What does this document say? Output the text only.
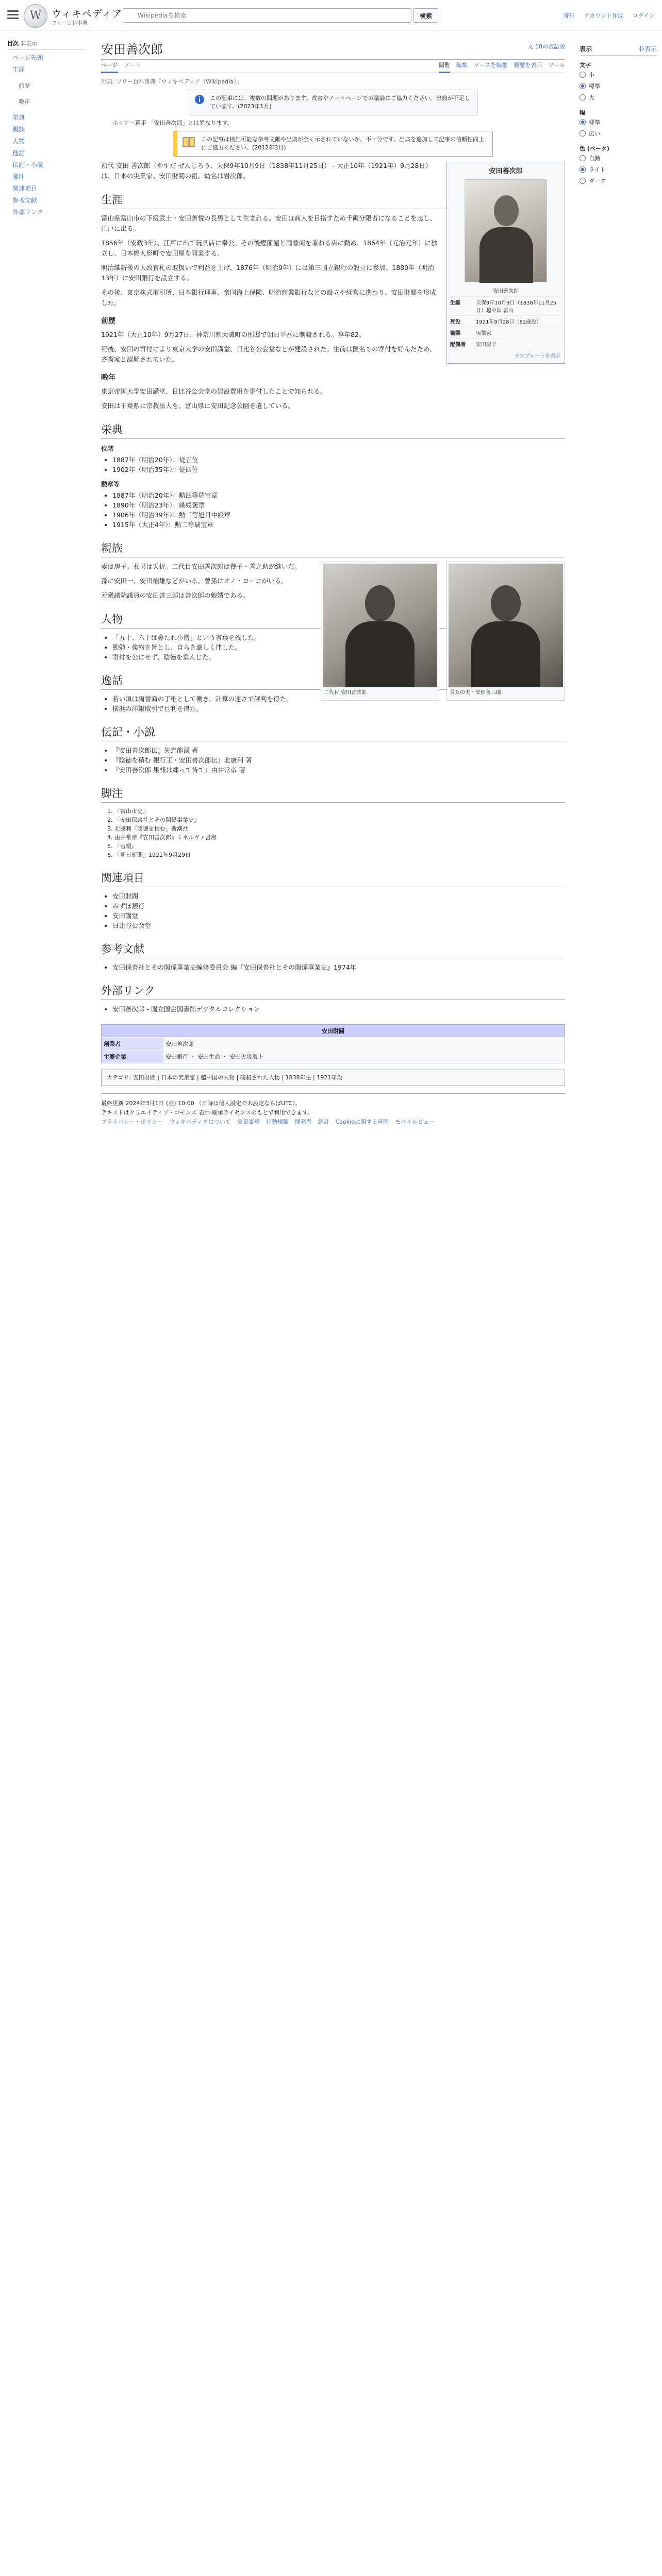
W	ウィキペディア
フリー百科事典
Wikipediaを検索
検索	寄付 アカウント作成 ログイン
目次 非表示
ページ先頭
生涯
前歴
晩年
栄典
親族
人物
逸話
伝記・小説
脚注
関連項目
参考文献
外部リンク
表示	非表示
文字
小
標準
大
幅
標準
広い
色 (ベータ)
自動
ライト
ダーク
安田善次郎	文 10の言語版
ページ ノート	閲覧 編集 ソースを編集 履歴を表示 ツール
出典: フリー百科事典『ウィキペディア（Wikipedia）』
この記事には、複数の問題があります。改善やノートページでの議論にご協力ください。出典が不足しています。(2023年1月)
ホッケー選手 「安田善次郎」とは異なります。
この記事は検証可能な参考文献や出典が全く示されていないか、不十分です。出典を追加して記事の信頼性向上にご協力ください。(2012年3月)
安田善次郎
安田善次郎
生誕	天保9年10月9日（1838年11月25日）越中国 富山
死没	1921年9月28日（82歳没）
職業	実業家
配偶者	安田房子
テンプレートを表示

初代 安田 善次郎（やすだ ぜんじろう、天保9年10月9日（1838年11月25日） - 大正10年（1921年）9月28日）は、日本の実業家。安田財閥の祖。幼名は岩次郎。

生涯

富山県富山市の下級武士・安田善悦の長男として生まれる。安田は商人を目指すため千両分限者になることを志し、江戸に出る。

1856年（安政3年）、江戸に出て玩具店に奉公。その後鰹節屋と両替商を兼ねる店に勤め、1864年（元治元年）に独立し、日本橋人形町で安田屋を開業する。

明治維新後の太政官札の取扱いで利益を上げ、1876年（明治9年）には第三国立銀行の設立に参加。1880年（明治13年）に安田銀行を設立する。

その後、東京株式取引所、日本銀行理事、帝国海上保険、明治商業銀行などの設立や経営に携わり、安田財閥を形成した。

前歴

1921年（大正10年）9月27日、神奈川県大磯町の別邸で朝日平吾に刺殺される。享年82。

死後、安田の寄付により東京大学の安田講堂、日比谷公会堂などが建設された。生前は匿名での寄付を好んだため、吝嗇家と誤解されていた。

晩年

東京帝国大学安田講堂、日比谷公会堂の建設費用を寄付したことで知られる。

安田は千葉県に宗教法人を、富山県に安田記念公園を遺している。

栄典
位階
• 1887年（明治20年）：従五位
• 1902年（明治35年）：従四位
勲章等
• 1887年（明治20年）：勲四等瑞宝章
• 1890年（明治23年）：緑綬褒章
• 1906年（明治39年）：勲三等旭日中綬章
• 1915年（大正4年）：勲二等瑞宝章
親族
長女の夫・安田善三郎
二代目 安田善次郎

妻は房子。長男は夭折。二代目安田善次郎は養子・善之助が継いだ。

孫に安田一、安田楠雄などがいる。曾孫にオノ・ヨーコがいる。

元衆議院議員の安田善三郎は善次郎の娘婿である。

人物
• 「五十、六十は鼻たれ小僧」という言葉を残した。
• 勤勉・倹約を旨とし、自らを厳しく律した。
• 寄付を公にせず、陰徳を重んじた。
逸話
• 若い頃は両替商の丁稚として働き、計算の速さで評判を得た。
• 横浜の洋銀取引で巨利を得た。
伝記・小説
• 『安田善次郎伝』矢野龍渓 著
• 『陰徳を積む 銀行王・安田善次郎伝』北康利 著
• 『安田善次郎 果報は練って待て』由井常彦 著
脚注
1. 『富山市史』
2. 『安田保善社とその関係事業史』
3. 北康利『陰徳を積む』新潮社
4. 由井常彦『安田善次郎』ミネルヴァ書房
5. 『官報』
6. 『朝日新聞』1921年9月29日
関連項目
• 安田財閥
• みずほ銀行
• 安田講堂
• 日比谷公会堂
参考文献
• 安田保善社とその関係事業史編修委員会 編『安田保善社とその関係事業史』1974年
外部リンク
• 安田善次郎 - 国立国会図書館デジタルコレクション
安田財閥
創業者	安田善次郎
主要企業	安田銀行 ・ 安田生命 ・ 安田火災海上
カテゴリ: 安田財閥 | 日本の実業家 | 越中国の人物 | 暗殺された人物 | 1838年生 | 1921年没
最終更新 2024年3月1日 (金) 10:00 （日時は個人設定で未設定ならばUTC）。
テキストはクリエイティブ・コモンズ 表示-継承ライセンスのもとで利用できます。
プライバシー・ポリシー ウィキペディアについて 免責事項 行動規範 開発者 統計 Cookieに関する声明 モバイルビュー
